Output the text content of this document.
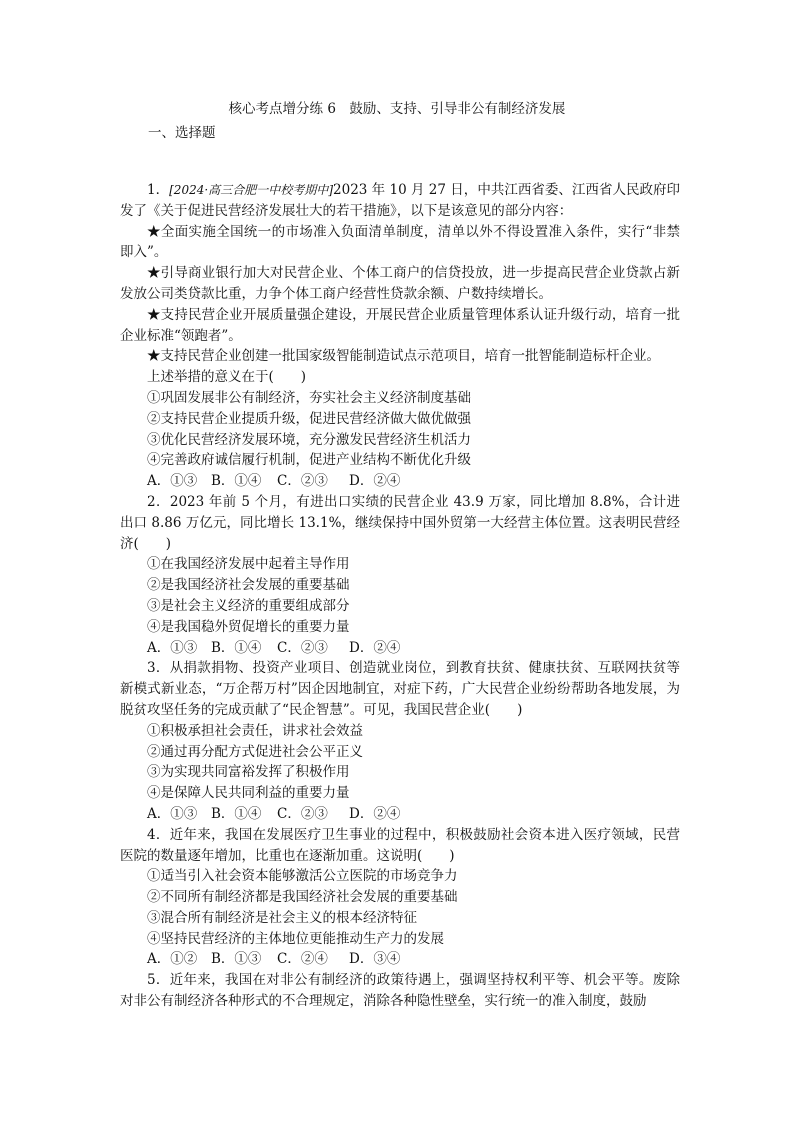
核心考点增分练 6　鼓励、支持、引导非公有制经济发展
一、选择题

1．[2024·高三合肥一中校考期中]2023 年 10 月 27 日，中共江西省委、江西省人民政府印发了《关于促进民营经济发展壮大的若干措施》，以下是该意见的部分内容：

★全面实施全国统一的市场准入负面清单制度，清单以外不得设置准入条件，实行“非禁即入”。

★引导商业银行加大对民营企业、个体工商户的信贷投放，进一步提高民营企业贷款占新发放公司类贷款比重，力争个体工商户经营性贷款余额、户数持续增长。

★支持民营企业开展质量强企建设，开展民营企业质量管理体系认证升级行动，培育一批企业标准“领跑者”。

★支持民营企业创建一批国家级智能制造试点示范项目，培育一批智能制造标杆企业。

上述举措的意义在于(　　)

①巩固发展非公有制经济，夯实社会主义经济制度基础

②支持民营企业提质升级，促进民营经济做大做优做强

③优化民营经济发展环境，充分激发民营经济生机活力

④完善政府诚信履行机制，促进产业结构不断优化升级

A．①③	B．①④	C．②③	D．②④

2．2023 年前 5 个月，有进出口实绩的民营企业 43.9 万家，同比增加 8.8%，合计进出口 8.86 万亿元，同比增长 13.1%，继续保持中国外贸第一大经营主体位置。这表明民营经济(　　)

①在我国经济发展中起着主导作用

②是我国经济社会发展的重要基础

③是社会主义经济的重要组成部分

④是我国稳外贸促增长的重要力量

A．①③	B．①④	C．②③	D．②④

3．从捐款捐物、投资产业项目、创造就业岗位，到教育扶贫、健康扶贫、互联网扶贫等新模式新业态，“万企帮万村”因企因地制宜，对症下药，广大民营企业纷纷帮助各地发展，为脱贫攻坚任务的完成贡献了“民企智慧”。可见，我国民营企业(　　)

①积极承担社会责任，讲求社会效益

②通过再分配方式促进社会公平正义

③为实现共同富裕发挥了积极作用

④是保障人民共同利益的重要力量

A．①③	B．①④	C．②③	D．②④

4．近年来，我国在发展医疗卫生事业的过程中，积极鼓励社会资本进入医疗领域，民营医院的数量逐年增加，比重也在逐渐加重。这说明(　　)

①适当引入社会资本能够激活公立医院的市场竞争力

②不同所有制经济都是我国经济社会发展的重要基础

③混合所有制经济是社会主义的根本经济特征

④坚持民营经济的主体地位更能推动生产力的发展

A．①②	B．①③	C．②④	D．③④

5．近年来，我国在对非公有制经济的政策待遇上，强调坚持权利平等、机会平等。废除对非公有制经济各种形式的不合理规定，消除各种隐性壁垒，实行统一的准入制度，鼓励
